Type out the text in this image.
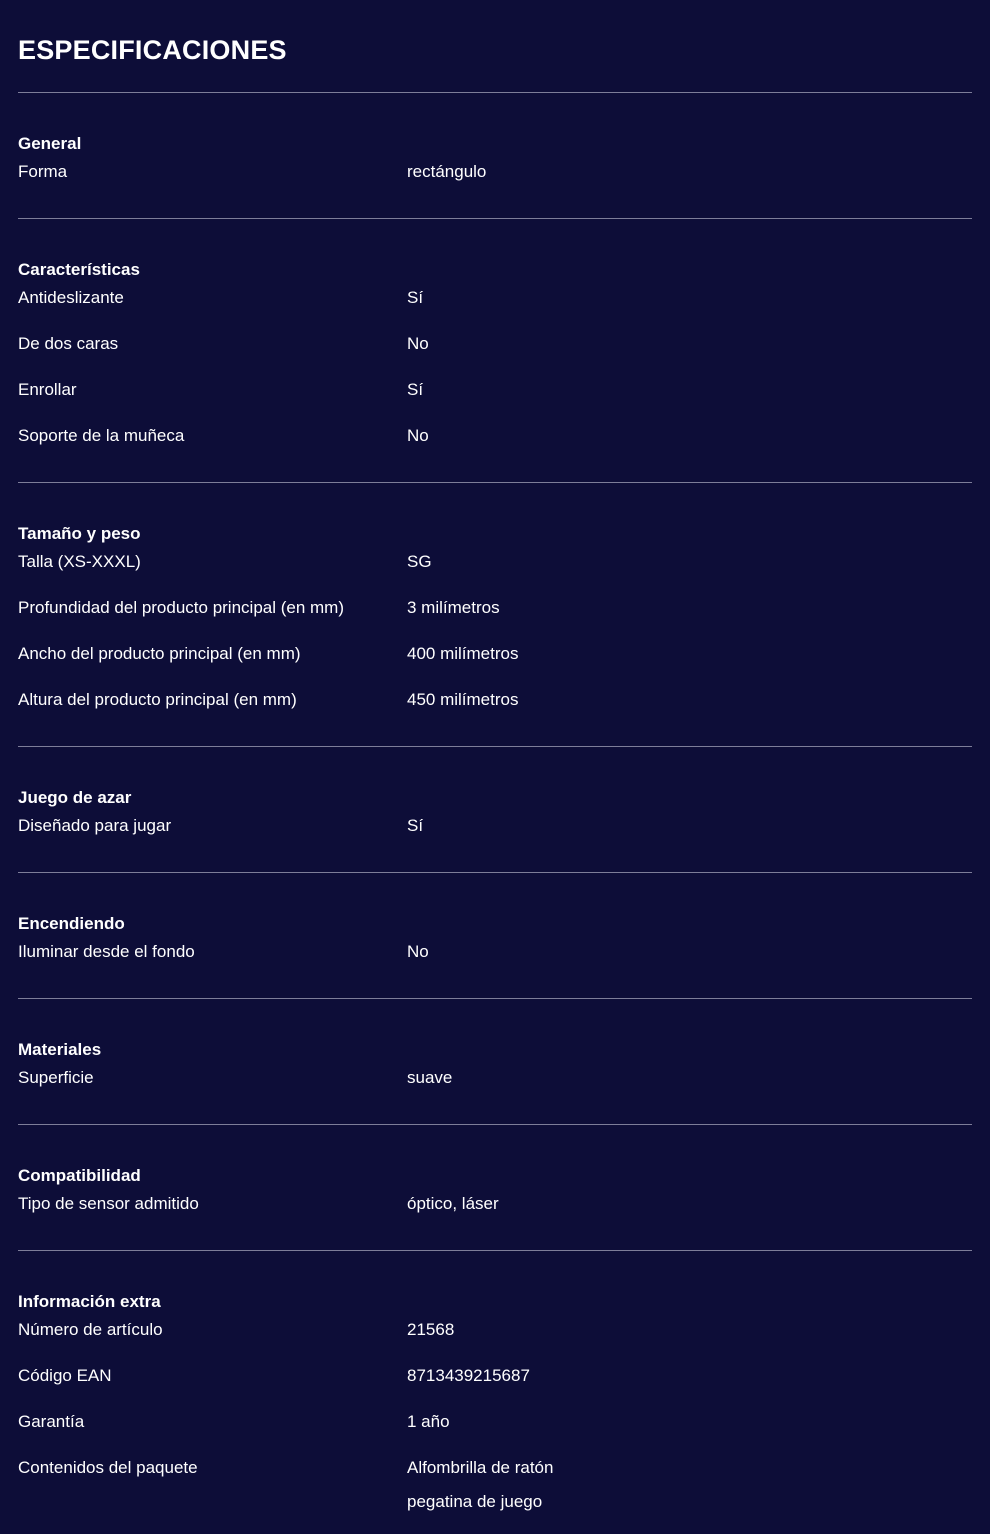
ESPECIFICACIONES
General
Forma	rectángulo
Características
Antideslizante	Sí
De dos caras	No
Enrollar	Sí
Soporte de la muñeca	No
Tamaño y peso
Talla (XS-XXXL)	SG
Profundidad del producto principal (en mm)	3 milímetros
Ancho del producto principal (en mm)	400 milímetros
Altura del producto principal (en mm)	450 milímetros
Juego de azar
Diseñado para jugar	Sí
Encendiendo
Iluminar desde el fondo	No
Materiales
Superficie	suave
Compatibilidad
Tipo de sensor admitido	óptico, láser
Información extra
Número de artículo	21568
Código EAN	8713439215687
Garantía	1 año
Contenidos del paquete	Alfombrilla de ratón
pegatina de juego
